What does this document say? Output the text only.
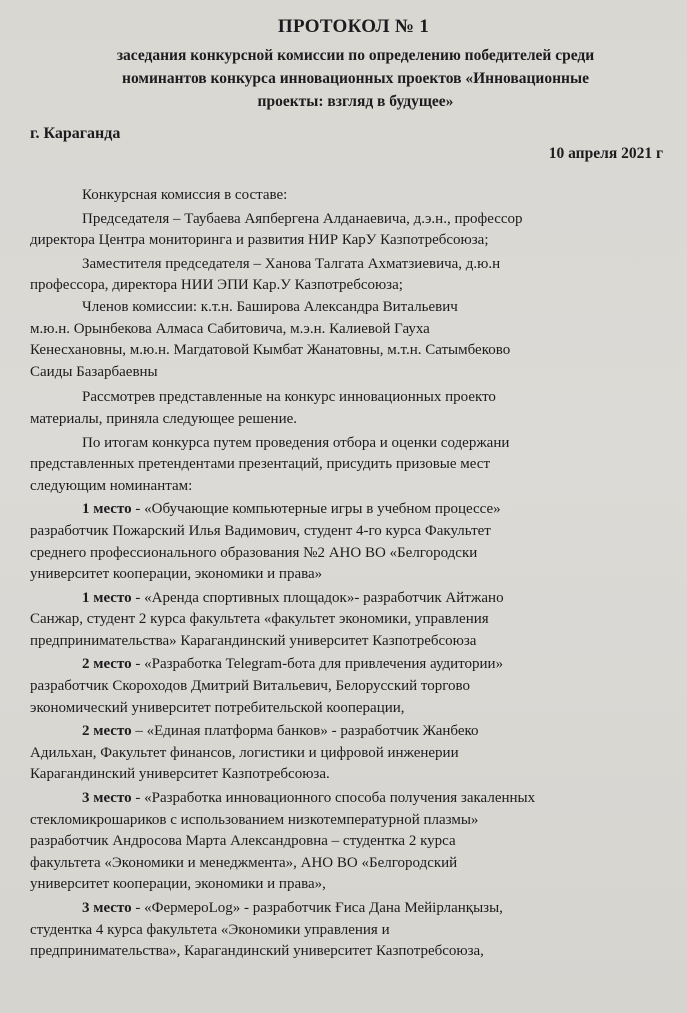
ПРОТОКОЛ № 1
заседания конкурсной комиссии по определению победителей среди
номинантов конкурса инновационных проектов «Инновационные
проекты: взгляд в будущее»
г. Караганда
10 апреля 2021 г
Конкурсная комиссия в составе:
Председателя – Таубаева Аяпбергена Алданаевича, д.э.н., профессор
директора Центра мониторинга и развития НИР КарУ Казпотребсоюза;
Заместителя председателя – Ханова Талгата Ахматзиевича, д.ю.н
профессора, директора НИИ ЭПИ Кар.У Казпотребсоюза;
Членов комиссии: к.т.н. Баширова Александра Витальевич
м.ю.н. Орынбекова Алмаса Сабитовича, м.э.н. Калиевой Гауха
Кенесхановны, м.ю.н. Магдатовой Кымбат Жанатовны, м.т.н. Сатымбеково
Саиды Базарбаевны
Рассмотрев представленные на конкурс инновационных проекто
материалы, приняла следующее решение.
По итогам конкурса путем проведения отбора и оценки содержани
представленных претендентами презентаций, присудить призовые мест
следующим номинантам:
1 место - «Обучающие компьютерные игры в учебном процессе»
разработчик Пожарский Илья Вадимович, студент 4-го курса Факультет
среднего профессионального образования №2 АНО ВО «Белгородски
университет кооперации, экономики и права»
1 место - «Аренда спортивных площадок»- разработчик Айтжано
Санжар, студент 2 курса факультета «факультет экономики, управления
предпринимательства» Карагандинский университет Казпотребсоюза
2 место - «Разработка Telegram-бота для привлечения аудитории»
разработчик Скороходов Дмитрий Витальевич, Белорусский торгово
экономический университет потребительской кооперации,
2 место – «Единая платформа банков» - разработчик Жанбеко
Адильхан, Факультет финансов, логистики и цифровой инженерии
Карагандинский университет Казпотребсоюза.
3 место - «Разработка инновационного способа получения закаленных
стекломикрошариков с использованием низкотемпературной плазмы»
разработчик Андросова Марта Александровна – студентка 2 курса
факультета «Экономики и менеджмента», АНО ВО «Белгородский
университет кооперации, экономики и права»,
3 место - «ФермероLog» - разработчик Ғиса Дана Мейірланқызы,
студентка 4 курса факультета «Экономики управления и
предпринимательства», Карагандинский университет Казпотребсоюза,
